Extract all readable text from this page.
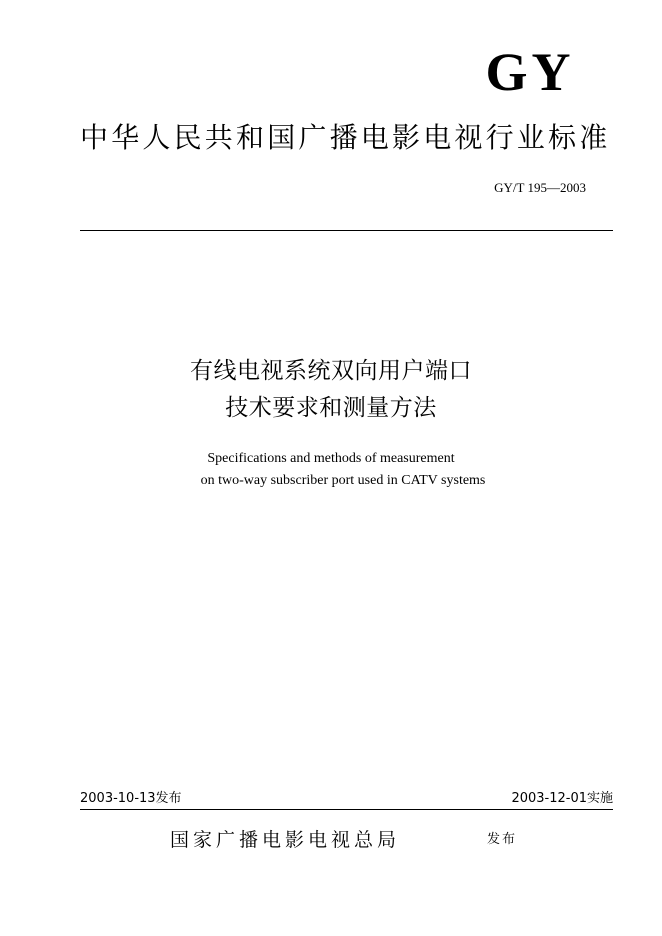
GY
中华人民共和国广播电影电视行业标准
GY/T 195—2003
有线电视系统双向用户端口
技术要求和测量方法
Specifications and methods of measurement
on two-way subscriber port used in CATV systems
2003-10-13发布	2003-12-01实施
国家广播电影电视总局	发布
